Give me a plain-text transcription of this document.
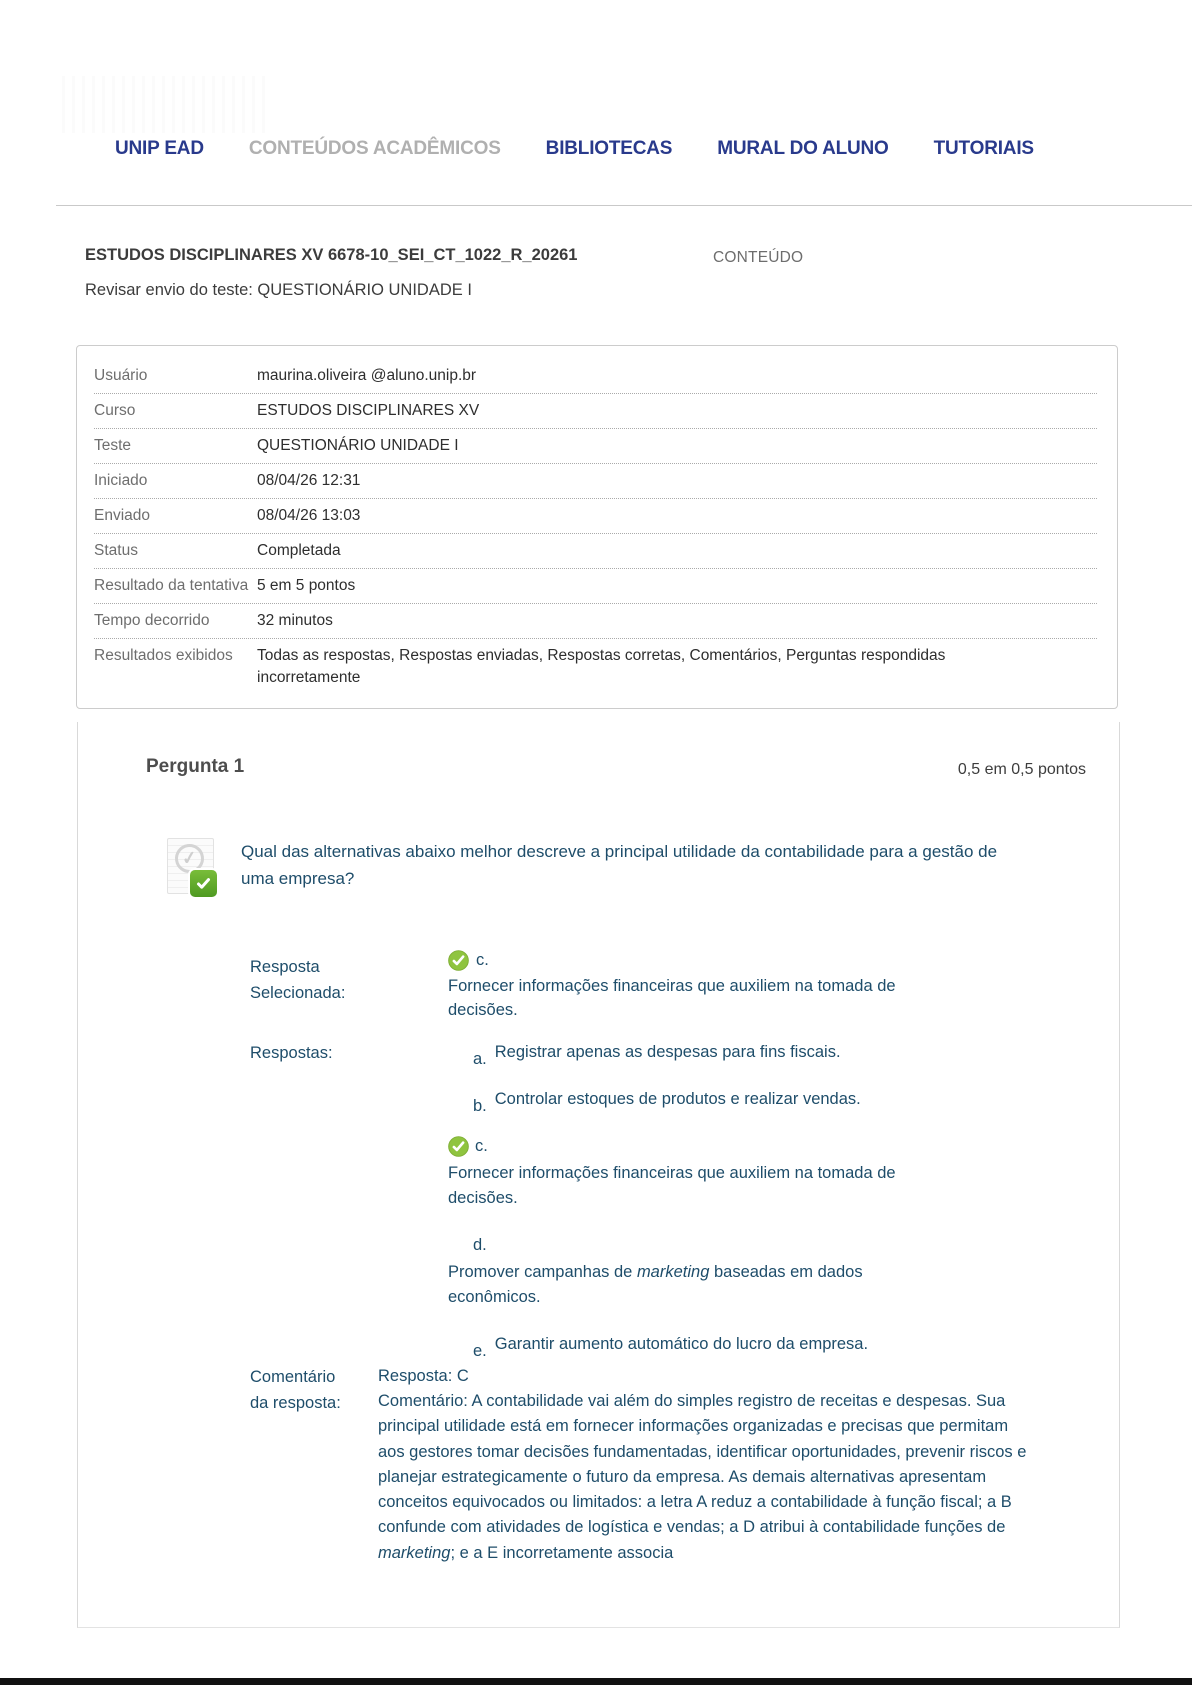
UNIP EAD CONTEÚDOS ACADÊMICOS BIBLIOTECAS MURAL DO ALUNO TUTORIAIS
ESTUDOS DISCIPLINARES XV 6678-10_SEI_CT_1022_R_20261	CONTEÚDO
Revisar envio do teste: QUESTIONÁRIO UNIDADE I
Usuário	maurina.oliveira @aluno.unip.br
Curso	ESTUDOS DISCIPLINARES XV
Teste	QUESTIONÁRIO UNIDADE I
Iniciado	08/04/26 12:31
Enviado	08/04/26 13:03
Status	Completada
Resultado da tentativa 5 em 5 pontos
Tempo decorrido	32 minutos
Resultados exibidos	Todas as respostas, Respostas enviadas, Respostas corretas, Comentários, Perguntas respondidas incorretamente
Pergunta 1	0,5 em 0,5 pontos
✓	Qual das alternativas abaixo melhor descreve a principal utilidade da contabilidade para a gestão de uma empresa?
Resposta Selecionada:
c.
Fornecer informações financeiras que auxiliem na tomada de decisões.
Respostas:	a. Registrar apenas as despesas para fins fiscais.
b. Controlar estoques de produtos e realizar vendas.
c.
Fornecer informações financeiras que auxiliem na tomada de decisões.
d.
Promover campanhas de marketing baseadas em dados econômicos.
e. Garantir aumento automático do lucro da empresa.
Comentário da resposta:
Resposta: C
Comentário: A contabilidade vai além do simples registro de receitas e despesas. Sua principal utilidade está em fornecer informações organizadas e precisas que permitam aos gestores tomar decisões fundamentadas, identificar oportunidades, prevenir riscos e planejar estrategicamente o futuro da empresa. As demais alternativas apresentam conceitos equivocados ou limitados: a letra A reduz a contabilidade à função fiscal; a B confunde com atividades de logística e vendas; a D atribui à contabilidade funções de marketing; e a E incorretamente associa
